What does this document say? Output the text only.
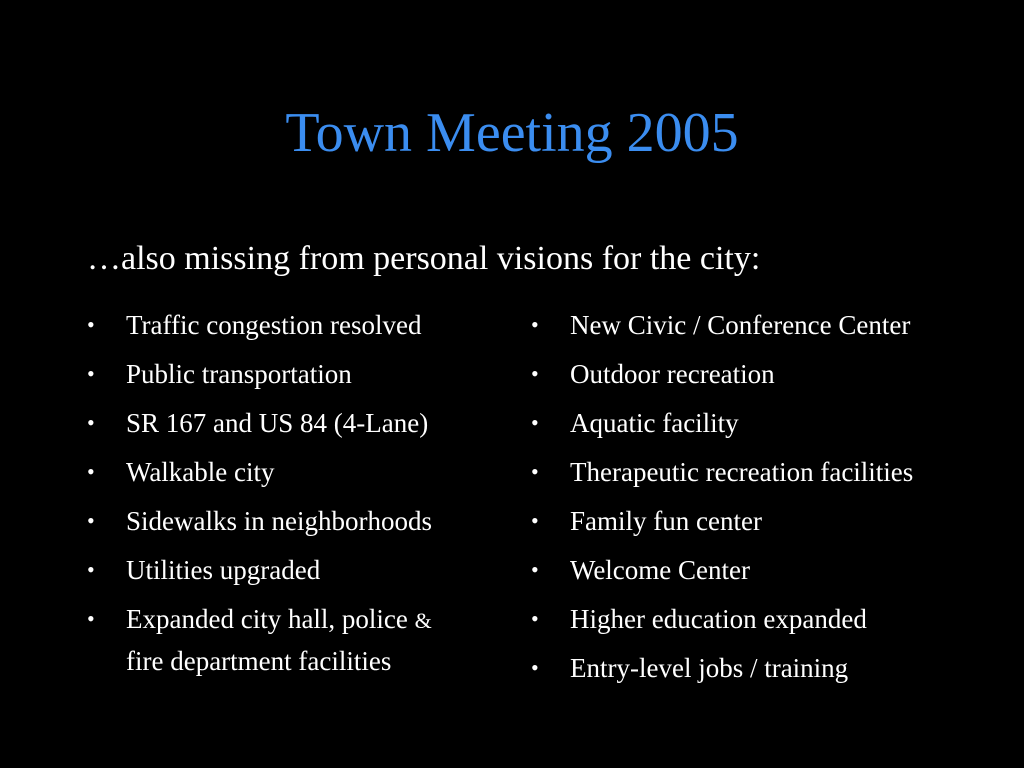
Town Meeting 2005
…also missing from personal visions for the city:
• Traffic congestion resolved
• Public transportation
• SR 167 and US 84 (4-Lane)
• Walkable city
• Sidewalks in neighborhoods
• Utilities upgraded
• Expanded city hall, police &
fire department facilities
• New Civic / Conference Center
• Outdoor recreation
• Aquatic facility
• Therapeutic recreation facilities
• Family fun center
• Welcome Center
• Higher education expanded
• Entry-level jobs / training
